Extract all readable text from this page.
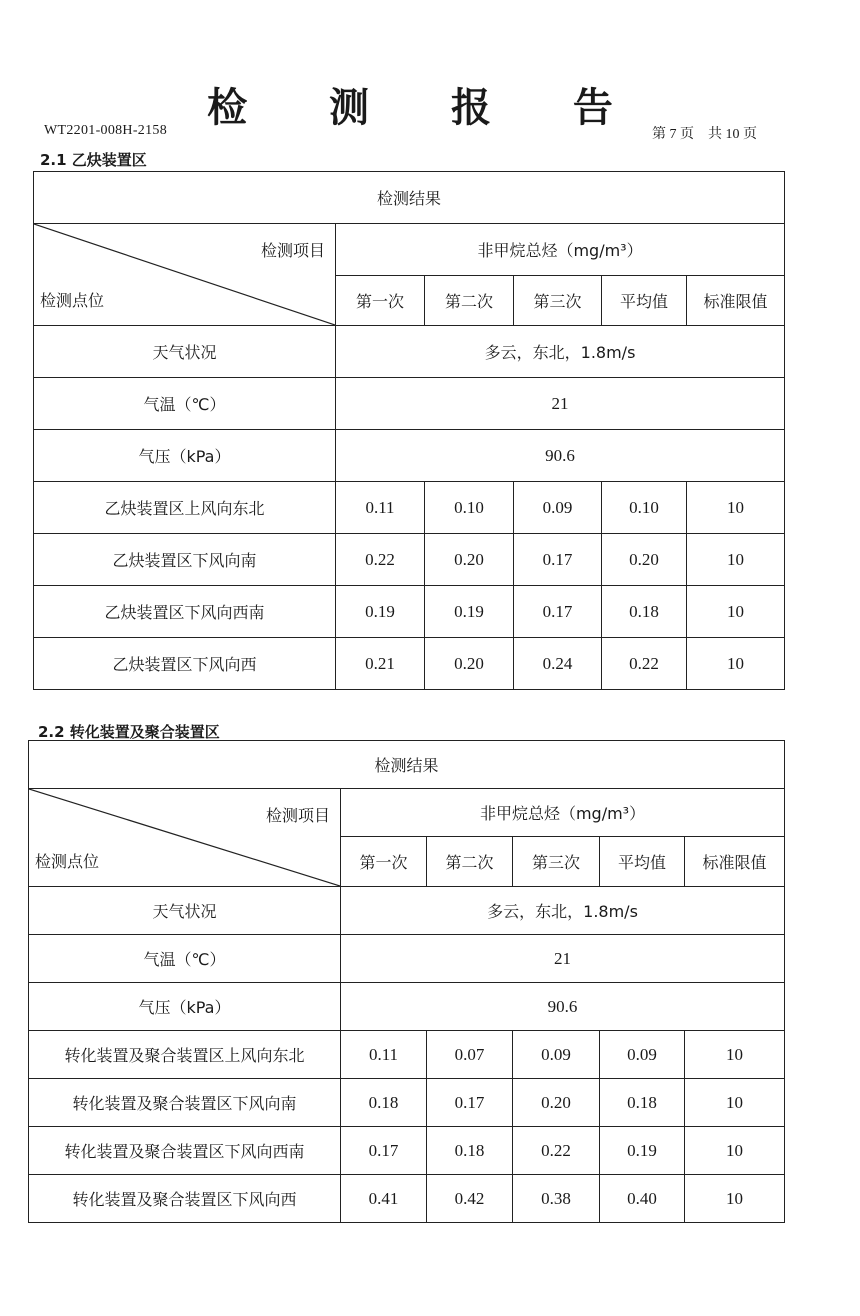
检 测 报 告
WT2201-008H-2158	第 7 页　共 10 页
2.1 乙炔装置区
检测结果					

检测项目
检测点位	非甲烷总烃（mg/m³）				
	第一次	第二次	第三次	平均值	标准限值
天气状况	多云，东北，1.8m/s				
气温（℃）	21				
气压（kPa）	90.6				
乙炔装置区上风向东北	0.11	0.10	0.09	0.10	10
乙炔装置区下风向南	0.22	0.20	0.17	0.20	10
乙炔装置区下风向西南	0.19	0.19	0.17	0.18	10
乙炔装置区下风向西	0.21	0.20	0.24	0.22	10
2.2 转化装置及聚合装置区
检测结果					

检测项目
检测点位	非甲烷总烃（mg/m³）				
	第一次	第二次	第三次	平均值	标准限值
天气状况	多云，东北，1.8m/s				
气温（℃）	21				
气压（kPa）	90.6				
转化装置及聚合装置区上风向东北	0.11	0.07	0.09	0.09	10
转化装置及聚合装置区下风向南	0.18	0.17	0.20	0.18	10
转化装置及聚合装置区下风向西南	0.17	0.18	0.22	0.19	10
转化装置及聚合装置区下风向西	0.41	0.42	0.38	0.40	10
